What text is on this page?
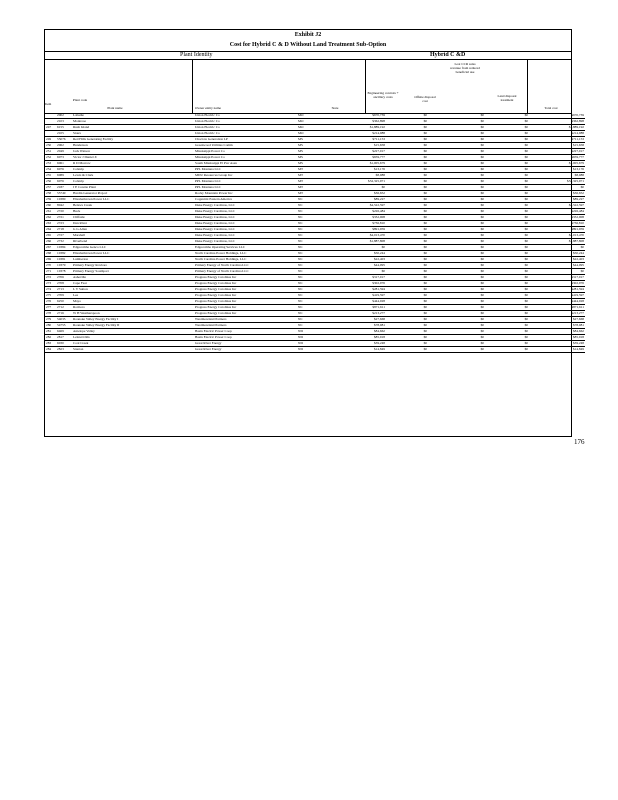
Exhibit J2
Cost for Hybrid C & D Without Land Treatment Sub-Option
Plant Identity	Hybrid C &D
Item
Plant code
Plant name	Owner entity name	State
Engineering controls + ancillary costs	Offsite disposal cost
Lost CCR sales revenue from reduced beneficial use
Land disposal treatment
Total cost
	2002	Labadie	Union Electric Co	MO	$670,739	$0	$0	$0	$670,739
	2103	Montrose	Union Electric Co	MO	$362,898	$0	$0	$0	$362,898
247	6155	Rush Island	Union Electric Co	MO	$1,889,192	$0	$0	$0	$1,889,192
	2105	Sioux	Union Electric Co	MO	$214,988	$0	$0	$0	$214,988
249	55076	Red Hills Generating Facility	Choctaw Generation LP	MS	$711,153	$0	$0	$0	$711,153
250	2062	Henderson	Greenwood Utilities Comm	MS	$15,658	$0	$0	$0	$15,658
251	2049	Jack Watson	Mississippi Power Co	MS	$227,017	$0	$0	$0	$227,017
252	6073	Victor J Daniel Jr	Mississippi Power Co	MS	$659,777	$0	$0	$0	$659,777
253	6061	R D Morrow	South Mississippi El Pwr Assn	MS	$1,005,679	$0	$0	$0	$1,005,679
254	6076	Colstrip	PPL Montana LLC	MT	$13,176	$0	$0	$0	$13,176
255	6089	Lewis & Clark	MDU Resources Group Inc	MT	$8,988	$0	$0	$0	$8,988
256	6076	Colstrip	PPL Montana LLC	MT	$32,325,971	$0	$0	$0	$32,325,971
257	2187	J E Corette Plant	PPL Montana LLC	MT	$0	$0	$0	$0	$0
258	55749	Hardin Generator Project	Rocky Mountain Power Inc	MT	$36,652	$0	$0	$0	$36,652
259	10380	Elizabethtown Power LLC	Cogentrix Eastern America	NC	$89,227	$0	$0	$0	$89,227
260	8042	Belews Creek	Duke Energy Carolinas, LLC	NC	$4,522,597	$0	$0	$0	$4,522,597
261	2720	Buck	Duke Energy Carolinas, LLC	NC	$226,484	$0	$0	$0	$226,484
262	2721	Cliffside	Duke Energy Carolinas, LLC	NC	$332,908	$0	$0	$0	$332,908
263	2723	Dan River	Duke Energy Carolinas, LLC	NC	$736,810	$0	$0	$0	$736,810
264	2718	G G Allen	Duke Energy Carolinas, LLC	NC	$891,959	$0	$0	$0	$891,959
265	2727	Marshall	Duke Energy Carolinas, LLC	NC	$4,013,470	$0	$0	$0	$4,013,470
266	2732	Riverbend	Duke Energy Carolinas, LLC	NC	$1,887,808	$0	$0	$0	$1,887,808
267	10384	Edgecombe Genco LLC	Edgecombe Operating Services LLC	NC	$0	$0	$0	$0	$0
268	10382	Elizabethtown Power LLC	North Carolina Power Holdings, LLC	NC	$50,244	$0	$0	$0	$50,244
269	10381	Lumberton	North Carolina Power Holdings, LLC	NC	$22,403	$0	$0	$0	$22,403
270	10379	Primary Energy Roxboro	Primary Energy of North Carolina LLC	NC	$44,095	$0	$0	$0	$44,095
271	10378	Primary Energy Southport	Primary Energy of North Carolina LLC	NC	$0	$0	$0	$0	$0
272	2706	Asheville	Progress Energy Carolinas Inc	NC	$317,017	$0	$0	$0	$317,017
273	2708	Cape Fear	Progress Energy Carolinas Inc	NC	$302,976	$0	$0	$0	$302,976
274	2713	L V Sutton	Progress Energy Carolinas Inc	NC	$281,594	$0	$0	$0	$281,594
275	2709	Lee	Progress Energy Carolinas Inc	NC	$419,597	$0	$0	$0	$419,597
276	6250	Mayo	Progress Energy Carolinas Inc	NC	$444,028	$0	$0	$0	$444,028
277	2712	Roxboro	Progress Energy Carolinas Inc	NC	$871,611	$0	$0	$0	$871,611
278	2716	W H Weatherspoon	Progress Energy Carolinas Inc	NC	$213,277	$0	$0	$0	$213,277
279	54035	Roanoke Valley Energy Facility I	Westmoreland Partners	NC	$27,668	$0	$0	$0	$27,668
280	54755	Roanoke Valley Energy Facility II	Westmoreland Partners	NC	$78,981	$0	$0	$0	$78,981
281	6469	Antelope Valley	Basin Electric Power Coop	ND	$84,662	$0	$0	$0	$84,662
282	2817	Leland Olds	Basin Electric Power Coop	ND	$85,918	$0	$0	$0	$85,918
283	6030	Coal Creek	Great River Energy	ND	$39,248	$0	$0	$0	$39,248
284	2823	Stanton	Great River Energy	ND	$14,849	$0	$0	$0	$14,849
176
